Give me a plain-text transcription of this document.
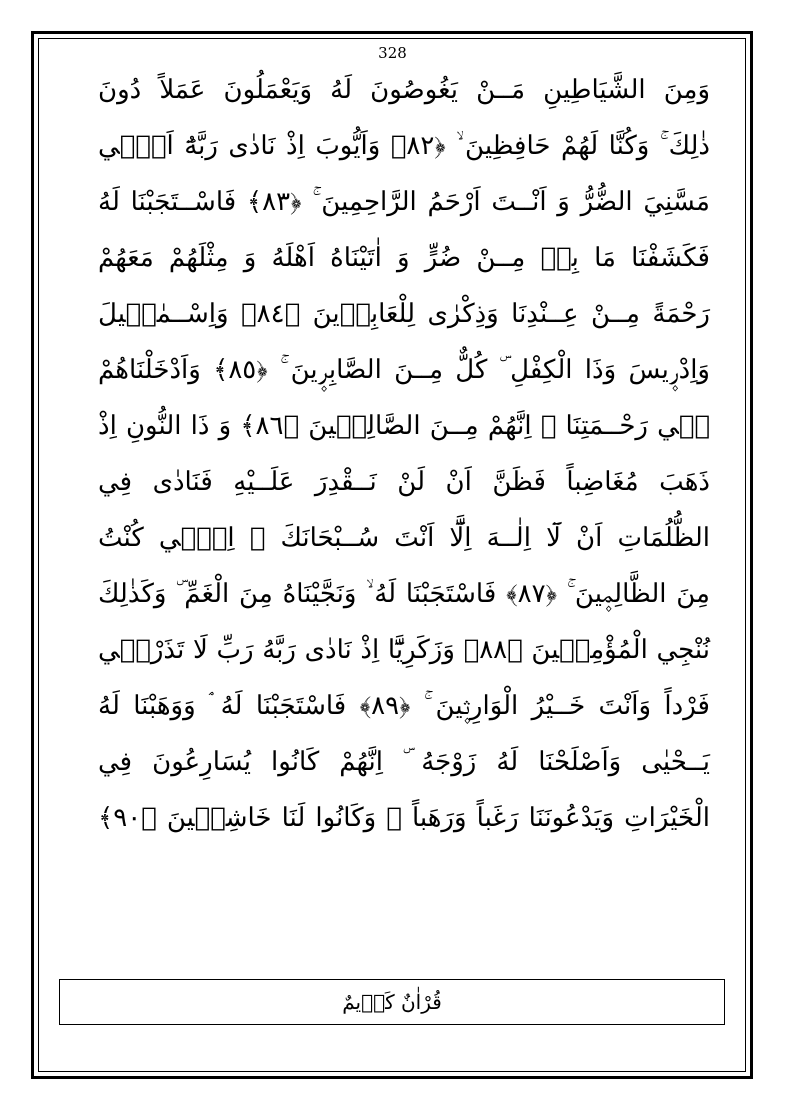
328
وَمِنَ الشَّيَاطِينِ مَــنْ يَغُوصُونَ لَهُ وَيَعْمَلُونَ عَمَلاً دُونَ
ذٰلِكَ ۚ وَكُنَّا لَهُمْ حَافِظِينَ ۙ ﴿٨٢﴾ وَاَيُّوبَ اِذْ نَادٰى رَبَّهُٓ اَنّ۪ي
مَسَّنِيَ الضُّرُّ وَ اَنْــتَ اَرْحَمُ الرَّاحِمِينَ ۚ ﴿٨٣﴾ فَاسْــتَجَبْنَا لَهُ
فَكَشَفْنَا مَا بِه۪ مِــنْ ضُرٍّ وَ اٰتَيْنَاهُ اَهْلَهُ وَ مِثْلَهُمْ مَعَهُمْ
رَحْمَةً مِــنْ عِــنْدِنَا وَذِكْرٰى لِلْعَابِد۪ينَ ﴿٨٤﴾ وَاِسْــمٰع۪يلَ
وَاِدْر۪يسَ وَذَا الْكِفْلِ ۜ كُلٌّ مِــنَ الصَّابِر۪ينَ ۚ ﴿٨٥﴾ وَاَدْخَلْنَاهُمْ
ف۪ي رَحْــمَتِنَا ۜ اِنَّهُمْ مِــنَ الصَّالِح۪ينَ ﴿٨٦﴾ وَ ذَا النُّونِ اِذْ
ذَهَبَ مُغَاضِباً فَظَنَّ اَنْ لَنْ نَــقْدِرَ عَلَــيْهِ فَنَادٰى فِي
الظُّلُمَاتِ اَنْ لَٓا اِلٰــهَ اِلَّٓا اَنْتَ سُــبْحَانَكَ ۗ اِنّ۪ي كُنْتُ
مِنَ الظَّالِم۪ينَ ۚ ﴿٨٧﴾ فَاسْتَجَبْنَا لَهُ ۙ وَنَجَّيْنَاهُ مِنَ الْغَمِّ ۜ وَكَذٰلِكَ
نُنْجِي الْمُؤْمِن۪ينَ ﴿٨٨﴾ وَزَكَرِيَّٓا اِذْ نَادٰى رَبَّهُ رَبِّ لَا تَذَرْن۪ي
فَرْداً وَاَنْتَ خَــيْرُ الْوَارِث۪ينَ ۚ ﴿٨٩﴾ فَاسْتَجَبْنَا لَهُ ۘ وَوَهَبْنَا لَهُ
يَــحْيٰى وَاَصْلَحْنَا لَهُ زَوْجَهُ ۜ اِنَّهُمْ كَانُوا يُسَارِعُونَ فِي
الْخَيْرَاتِ وَيَدْعُونَنَا رَغَباً وَرَهَباً ۜ وَكَانُوا لَنَا خَاشِع۪ينَ ﴿٩٠﴾
قُرْاٰنٌ كَر۪يمٌ
